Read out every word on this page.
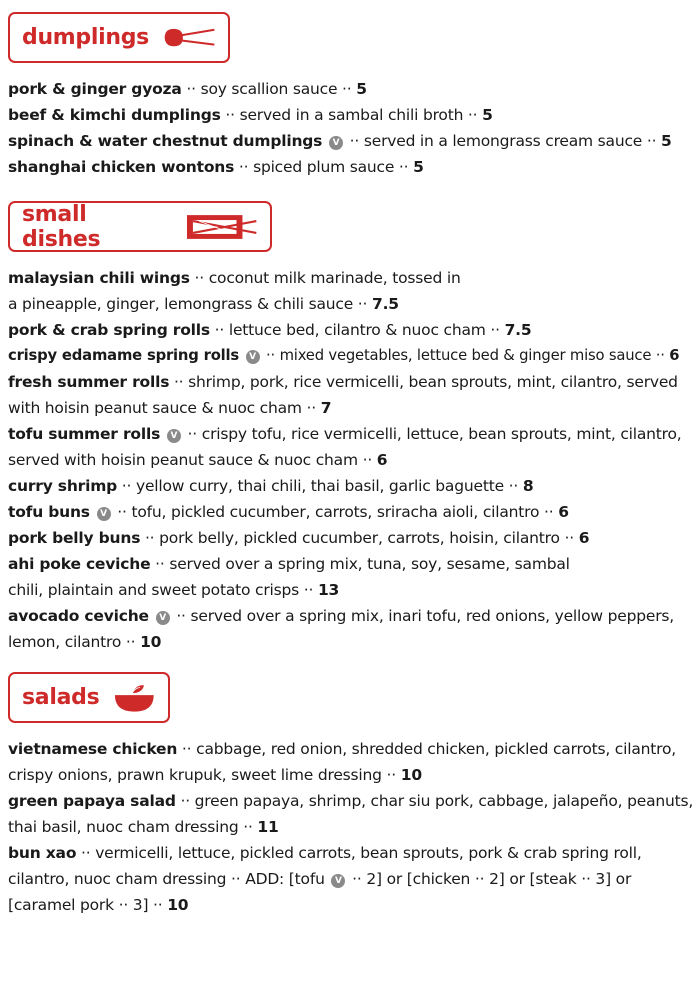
dumplings
pork & ginger gyoza ·· soy scallion sauce ·· 5
beef & kimchi dumplings ·· served in a sambal chili broth ·· 5
spinach & water chestnut dumplings V ·· served in a lemongrass cream sauce ·· 5
shanghai chicken wontons ·· spiced plum sauce ·· 5
small dishes
malaysian chili wings ·· coconut milk marinade, tossed in a pineapple, ginger, lemongrass & chili sauce ·· 7.5
pork & crab spring rolls ·· lettuce bed, cilantro & nuoc cham ·· 7.5
crispy edamame spring rolls V ·· mixed vegetables, lettuce bed & ginger miso sauce ·· 6
fresh summer rolls ·· shrimp, pork, rice vermicelli, bean sprouts, mint, cilantro, served with hoisin peanut sauce & nuoc cham ·· 7
tofu summer rolls V ·· crispy tofu, rice vermicelli, lettuce, bean sprouts, mint, cilantro, served with hoisin peanut sauce & nuoc cham ·· 6
curry shrimp ·· yellow curry, thai chili, thai basil, garlic baguette ·· 8
tofu buns V ·· tofu, pickled cucumber, carrots, sriracha aioli, cilantro ·· 6
pork belly buns ·· pork belly, pickled cucumber, carrots, hoisin, cilantro ·· 6
ahi poke ceviche ·· served over a spring mix, tuna, soy, sesame, sambal chili, plaintain and sweet potato crisps ·· 13
avocado ceviche V ·· served over a spring mix, inari tofu, red onions, yellow peppers, lemon, cilantro ·· 10
salads
vietnamese chicken ·· cabbage, red onion, shredded chicken, pickled carrots, cilantro, crispy onions, prawn krupuk, sweet lime dressing ·· 10
green papaya salad ·· green papaya, shrimp, char siu pork, cabbage, jalapeño, peanuts, thai basil, nuoc cham dressing ·· 11
bun xao ·· vermicelli, lettuce, pickled carrots, bean sprouts, pork & crab spring roll, cilantro, nuoc cham dressing ·· ADD: [tofu V ·· 2] or [chicken ·· 2] or [steak ·· 3] or [caramel pork ·· 3] ·· 10
